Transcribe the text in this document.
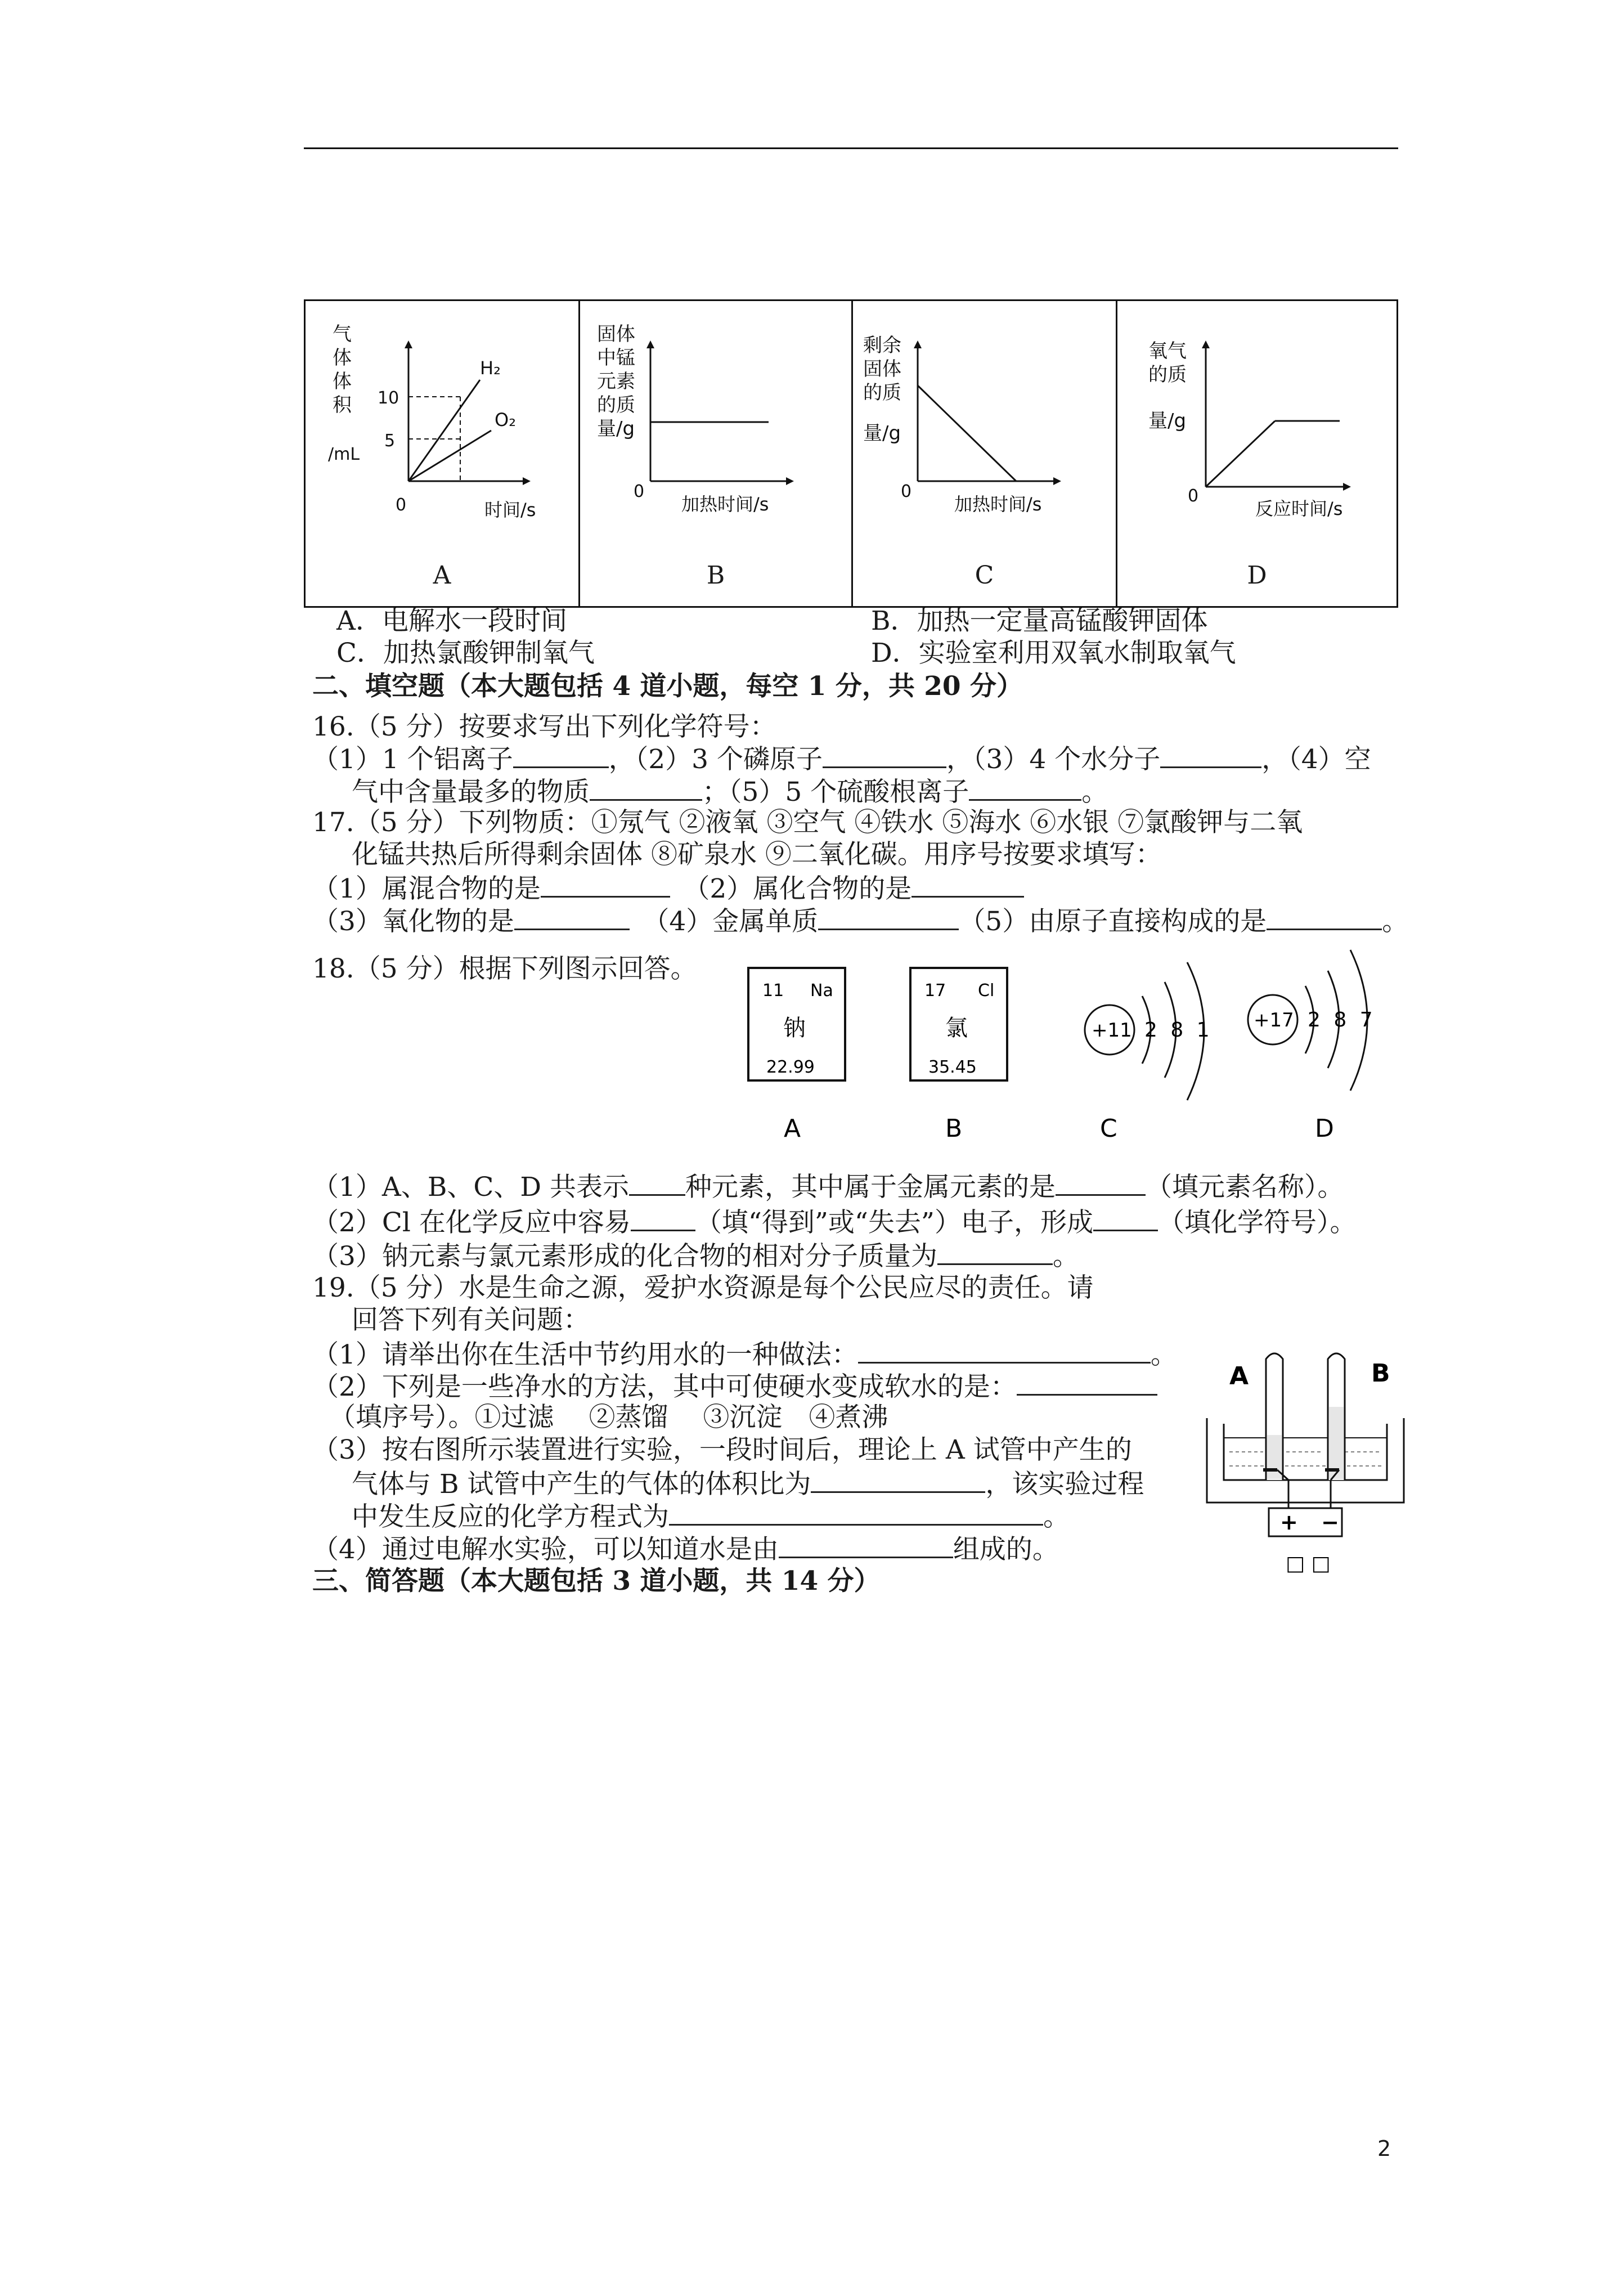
气
体
体
积
/mL
10
5
0	时间/s
H₂
O₂
A
固体
中锰
元素
的质
量/g
0
加热时间/s
B
剩余
固体
的质
量/g
0
加热时间/s
C
氧气
的质
量/g
0
反应时间/s
D
A．电解水一段时间	B．加热一定量高锰酸钾固体
C．加热氯酸钾制氧气	D．实验室利用双氧水制取氧气
二、填空题（本大题包括 4 道小题，每空 1 分，共 20 分）
16.（5 分）按要求写出下列化学符号：
（1）1 个铝离子	，（2）3 个磷原子	，（3）4 个水分子	，（4）空
气中含量最多的物质	；（5）5 个硫酸根离子	。
17.（5 分）下列物质：①氖气 ②液氧 ③空气 ④铁水 ⑤海水 ⑥水银 ⑦氯酸钾与二氧
化锰共热后所得剩余固体 ⑧矿泉水 ⑨二氧化碳。用序号按要求填写：
（1）属混合物的是　	（2）属化合物的是
（3）氧化物的是　	（4）金属单质	（5）由原子直接构成的是	。
18.（5 分）根据下列图示回答。
11 Na
钠
22.99
17 Cl
氯
35.45
+11 2 8 1 +17 2 8 7
A	B	C	D
（1）A、B、C、D 共表示 种元素，其中属于金属元素的是	（填元素名称）。
（2）Cl 在化学反应中容易 （填“得到”或“失去”）电子，形成 （填化学符号）。
（3）钠元素与氯元素形成的化合物的相对分子质量为	。
19.（5 分）水是生命之源，爱护水资源是每个公民应尽的责任。请
回答下列有关问题：
（1）请举出你在生活中节约用水的一种做法：	。
（2）下列是一些净水的方法，其中可使硬水变成软水的是：
（填序号）。①过滤　 ②蒸馏　 ③沉淀　④煮沸
（3）按右图所示装置进行实验，一段时间后，理论上 A 试管中产生的
气体与 B 试管中产生的气体的体积比为	，该实验过程
中发生反应的化学方程式为	。
（4）通过电解水实验，可以知道水是由	组成的。
A	B
+ −
□ □
三、简答题（本大题包括 3 道小题，共 14 分）
2
